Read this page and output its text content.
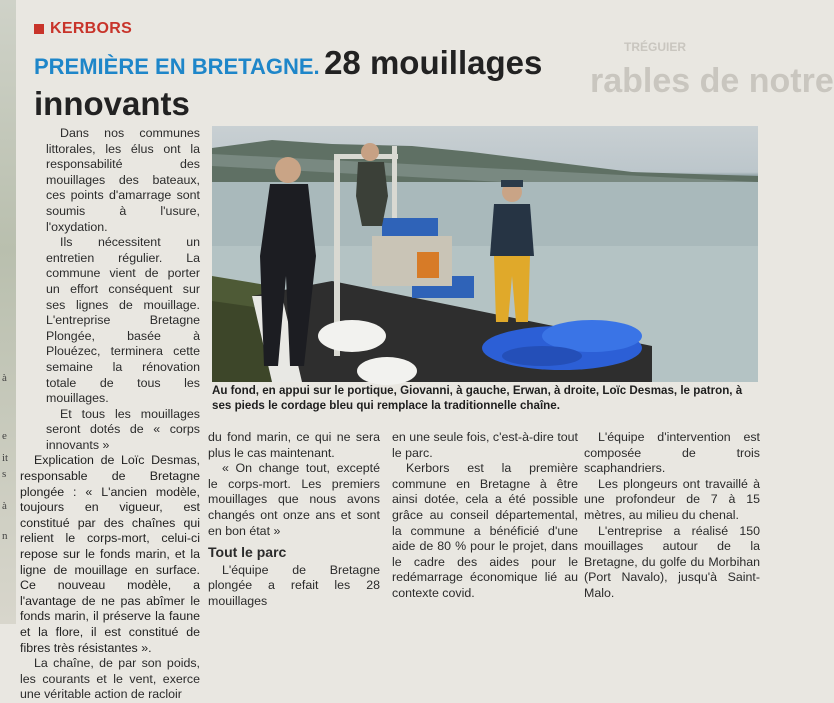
à
e
it
s
à
n
TRÉGUIER
rables de notre
KERBORS
PREMIÈRE EN BRETAGNE. 28 mouillages
innovants

Dans nos communes littorales, les élus ont la responsabilité des mouillages des bateaux, ces points d'amarrage sont soumis à l'usure, l'oxydation.

Ils nécessitent un entretien régulier. La commune vient de porter un effort conséquent sur ses lignes de mouillage. L'entreprise Bretagne Plongée, basée à Plouézec, terminera cette semaine la rénovation totale de tous les mouillages.

Et tous les mouillages seront dotés de « corps innovants »

Explication de Loïc Desmas, responsable de Bretagne plongée : « L'ancien modèle, toujours en vigueur, est constitué par des chaînes qui relient le corps-mort, celui-ci repose sur le fonds marin, et la ligne de mouillage en surface. Ce nouveau modèle, a l'avantage de ne pas abîmer le fonds marin, il préserve la faune et la flore, il est constitué de fibres très résistantes ».

La chaîne, de par son poids, les courants et le vent, exerce une véritable action de racloir

Au fond, en appui sur le portique, Giovanni, à gauche, Erwan, à droite, Loïc Desmas, le patron, à ses pieds le cordage bleu qui remplace la traditionnelle chaîne.

du fond marin, ce qui ne sera plus le cas maintenant.

« On change tout, excepté le corps-mort. Les premiers mouillages que nous avons changés ont onze ans et sont en bon état »

Tout le parc

L'équipe de Bretagne plongée a refait les 28 mouillages

en une seule fois, c'est-à-dire tout le parc.

Kerbors est la première commune en Bretagne à être ainsi dotée, cela a été possible grâce au conseil départemental, la commune a bénéficié d'une aide de 80 % pour le projet, dans le cadre des aides pour le redémarrage économique lié au contexte covid.

L'équipe d'intervention est composée de trois scaphandriers.

Les plongeurs ont travaillé à une profondeur de 7 à 15 mètres, au milieu du chenal.

L'entreprise a réalisé 150 mouillages autour de la Bretagne, du golfe du Morbihan (Port Navalo), jusqu'à Saint-Malo.
